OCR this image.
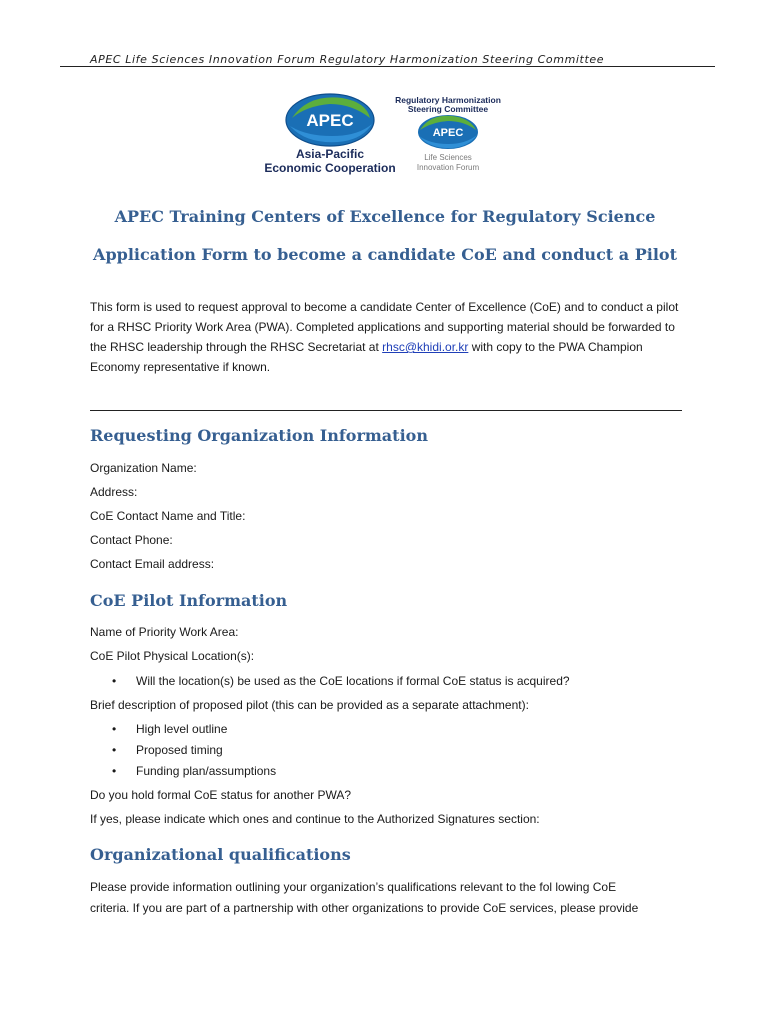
APEC Life Sciences Innovation Forum Regulatory Harmonization Steering Committee
APEC
Asia-Pacific
Economic Cooperation
Regulatory Harmonization
Steering Committee
APEC
Life Sciences
Innovation Forum
APEC Training Centers of Excellence for Regulatory Science
Application Form to become a candidate CoE and conduct a Pilot
This form is used to request approval to become a candidate Center of Excellence (CoE) and to conduct a pilot for a RHSC Priority Work Area (PWA). Completed applications and supporting material should be forwarded to the RHSC leadership through the RHSC Secretariat at rhsc@khidi.or.kr with copy to the PWA Champion Economy representative if known.
Requesting Organization Information
Organization Name:
Address:
CoE Contact Name and Title:
Contact Phone:
Contact Email address:
CoE Pilot Information
Name of Priority Work Area:
CoE Pilot Physical Location(s):
• Will the location(s) be used as the CoE locations if formal CoE status is acquired?
Brief description of proposed pilot (this can be provided as a separate attachment):
• High level outline
• Proposed timing
• Funding plan/assumptions
Do you hold formal CoE status for another PWA?
If yes, please indicate which ones and continue to the Authorized Signatures section:
Organizational qualifications
Please provide information outlining your organization’s qualifications relevant to the fol lowing CoE
criteria. If you are part of a partnership with other organizations to provide CoE services, please provide
